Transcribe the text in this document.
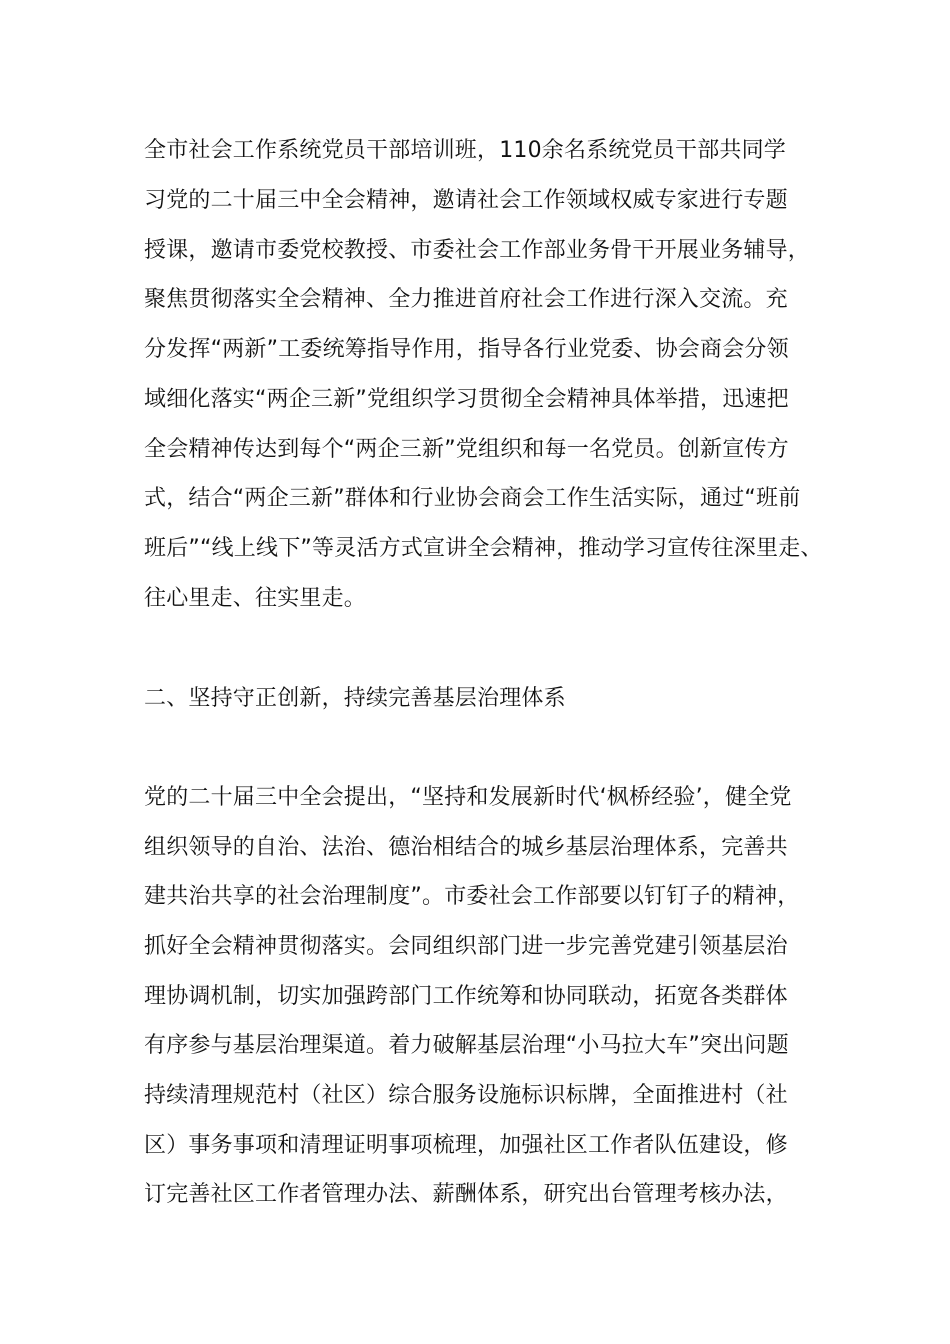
全市社会工作系统党员干部培训班，110余名系统党员干部共同学
习党的二十届三中全会精神，邀请社会工作领域权威专家进行专题
授课，邀请市委党校教授、市委社会工作部业务骨干开展业务辅导，
聚焦贯彻落实全会精神、全力推进首府社会工作进行深入交流。充
分发挥“两新”工委统筹指导作用，指导各行业党委、协会商会分领
域细化落实“两企三新”党组织学习贯彻全会精神具体举措，迅速把
全会精神传达到每个“两企三新”党组织和每一名党员。创新宣传方
式，结合“两企三新”群体和行业协会商会工作生活实际，通过“班前
班后”“线上线下”等灵活方式宣讲全会精神，推动学习宣传往深里走、
往心里走、往实里走。
二、坚持守正创新，持续完善基层治理体系
党的二十届三中全会提出，“坚持和发展新时代‘枫桥经验’，健全党
组织领导的自治、法治、德治相结合的城乡基层治理体系，完善共
建共治共享的社会治理制度”。市委社会工作部要以钉钉子的精神，
抓好全会精神贯彻落实。会同组织部门进一步完善党建引领基层治
理协调机制，切实加强跨部门工作统筹和协同联动，拓宽各类群体
有序参与基层治理渠道。着力破解基层治理“小马拉大车”突出问题
持续清理规范村（社区）综合服务设施标识标牌，全面推进村（社
区）事务事项和清理证明事项梳理，加强社区工作者队伍建设，修
订完善社区工作者管理办法、薪酬体系，研究出台管理考核办法，
